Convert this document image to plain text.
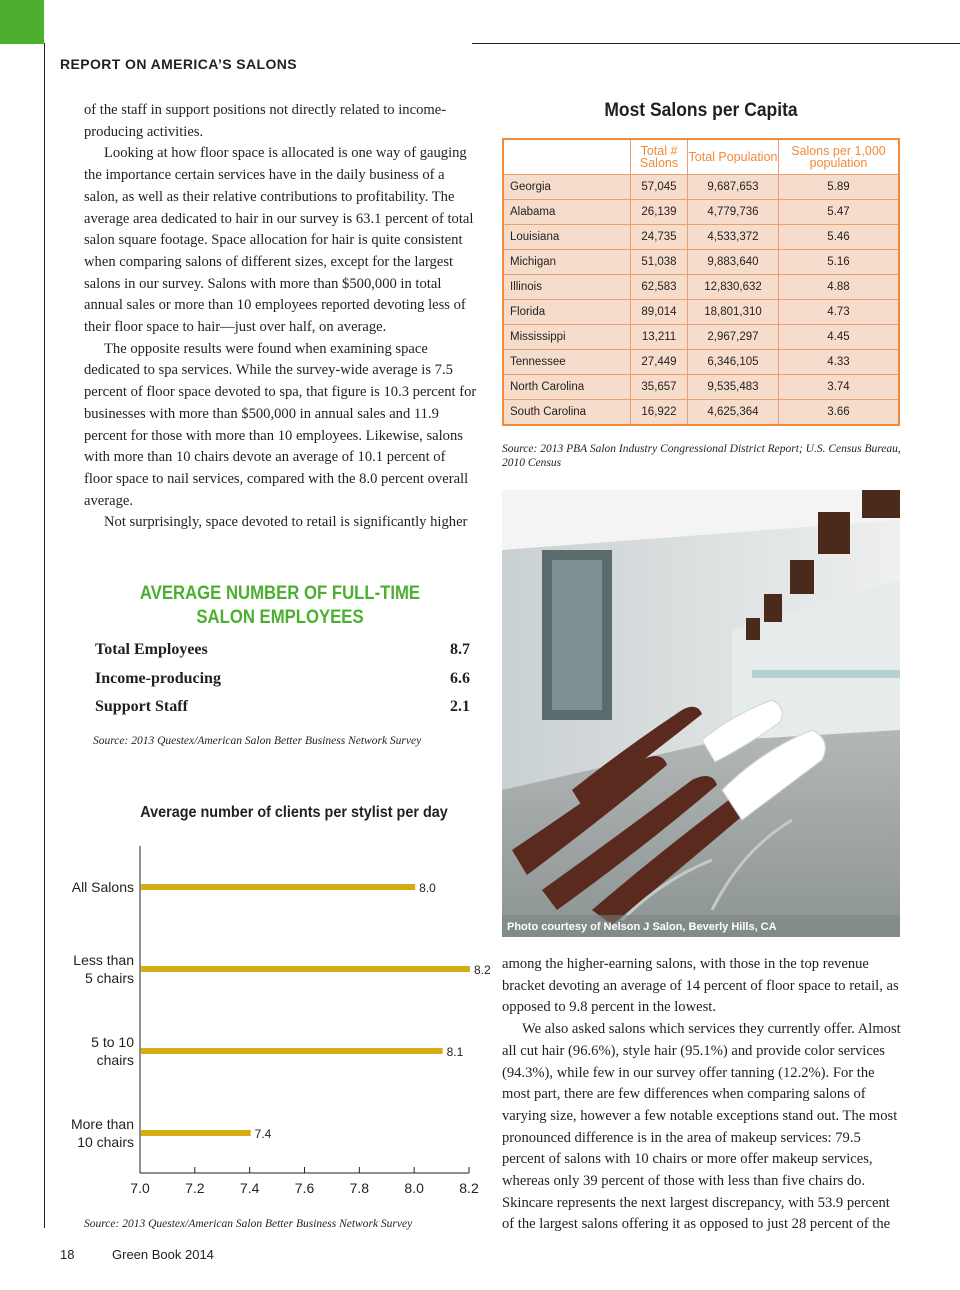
REPORT ON AMERICA’S SALONS

of the staff in support positions not directly related to income-producing activities.

Looking at how floor space is allocated is one way of gauging the importance certain services have in the daily business of a salon, as well as their relative contributions to profitability. The average area dedicated to hair in our survey is 63.1 percent of total salon square footage. Space allocation for hair is quite consistent when comparing salons of different sizes, except for the largest salons in our survey. Salons with more than $500,000 in total annual sales or more than 10 employees reported devoting less of their floor space to hair—just over half, on average.

The opposite results were found when examining space dedicated to spa services. While the survey-wide average is 7.5 percent of floor space devoted to spa, that figure is 10.3 percent for businesses with more than $500,000 in annual sales and 11.9 percent for those with more than 10 employees. Likewise, salons with more than 10 chairs devote an average of 10.1 percent of floor space to nail services, compared with the 8.0 percent overall average.

Not surprisingly, space devoted to retail is significantly higher

Most Salons per Capita
	Total # Salons	Total Population	Salons per 1,000 population
Georgia	57,045	9,687,653	5.89
Alabama	26,139	4,779,736	5.47
Louisiana	24,735	4,533,372	5.46
Michigan	51,038	9,883,640	5.16
Illinois	62,583	12,830,632	4.88
Florida	89,014	18,801,310	4.73
Mississippi	13,211	2,967,297	4.45
Tennessee	27,449	6,346,105	4.33
North Carolina	35,657	9,535,483	3.74
South Carolina	16,922	4,625,364	3.66
Source: 2013 PBA Salon Industry Congressional District Report; U.S. Census Bureau, 2010 Census
Photo courtesy of Nelson J Salon, Beverly Hills, CA
AVERAGE NUMBER OF FULL-TIME
SALON EMPLOYEES
Total Employees	8.7
Income-producing	6.6
Support Staff	2.1
Source: 2013 Questex/American Salon Better Business Network Survey
Average number of clients per stylist per day
7.0	7.2	7.4	7.6	7.8	8.0	8.2
8.0
All Salons
8.2
Less than
5 chairs
8.1
5 to 10
chairs
7.4
More than
10 chairs
Source: 2013 Questex/American Salon Better Business Network Survey

among the higher-earning salons, with those in the top revenue bracket devoting an average of 14 percent of floor space to retail, as opposed to 9.8 percent in the lowest.

We also asked salons which services they currently offer. Almost all cut hair (96.6%), style hair (95.1%) and provide color services (94.3%), while few in our survey offer tanning (12.2%). For the most part, there are few differences when comparing salons of varying size, however a few notable exceptions stand out. The most pronounced difference is in the area of makeup services: 79.5 percent of salons with 10 chairs or more offer makeup services, whereas only 39 percent of those with less than five chairs do. Skincare represents the next largest discrepancy, with 53.9 percent of the largest salons offering it as opposed to just 28 percent of the

18	Green Book 2014
